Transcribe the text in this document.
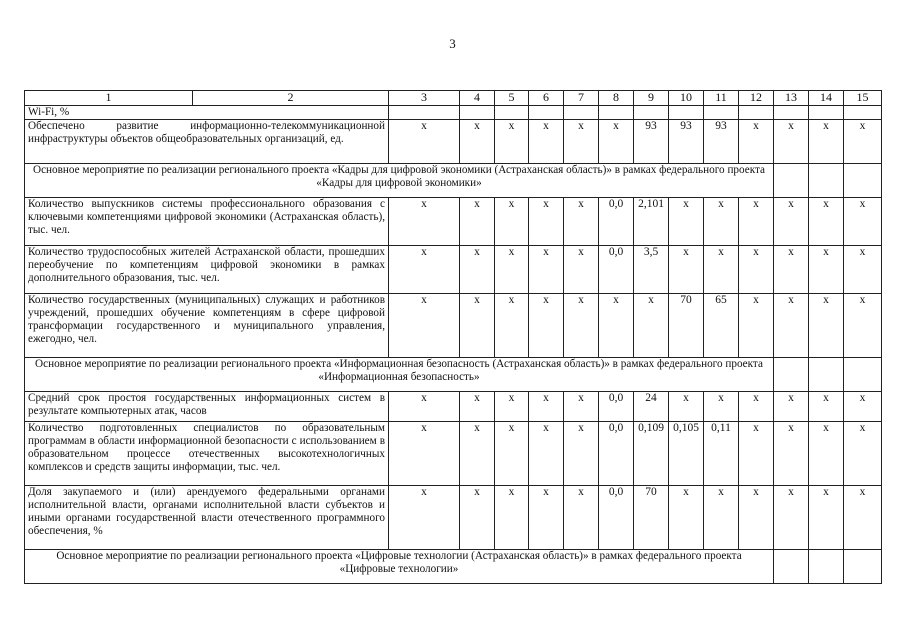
3
1	2	3	4	5	6	7	8	9	10	11	12	13	14	15
Wi-Fi, %														
Обеспечено развитие информационно-телекоммуникационной инфраструктуры объектов общеобразовательных организаций, ед.		х	х	х	х	х	х	93	93	93	х	х	х	х
Основное мероприятие по реализации регионального проекта «Кадры для цифровой экономики (Астраханская область)» в рамках федерального проекта «Кадры для цифровой экономики»														
Количество выпускников системы профессионального образования с ключевыми компетенциями цифровой экономики (Астраханская область), тыс. чел.		х	х	х	х	х	0,0	2,101	х	х	х	х	х	х
Количество трудоспособных жителей Астраханской области, прошедших переобучение по компетенциям цифровой экономики в рамках дополнительного образования, тыс. чел.		х	х	х	х	х	0,0	3,5	х	х	х	х	х	х
Количество государственных (муниципальных) служащих и работников учреждений, прошедших обучение компетенциям в сфере цифровой трансформации государственного и муниципального управления, ежегодно, чел.		х	х	х	х	х	х	х	70	65	х	х	х	х
Основное мероприятие по реализации регионального проекта «Информационная безопасность (Астраханская область)» в рамках федерального проекта «Информационная безопасность»														
Средний срок простоя государственных информационных систем в результате компьютерных атак, часов		х	х	х	х	х	0,0	24	х	х	х	х	х	х
Количество подготовленных специалистов по образовательным программам в области информационной безопасности с использованием в образовательном процессе отечественных высокотехнологичных комплексов и средств защиты информации, тыс. чел.		х	х	х	х	х	0,0	0,109	0,105	0,11	х	х	х	х
Доля закупаемого и (или) арендуемого федеральными органами исполнительной власти, органами исполнительной власти субъектов и иными органами государственной власти отечественного программного обеспечения, %		х	х	х	х	х	0,0	70	х	х	х	х	х	х
Основное мероприятие по реализации регионального проекта «Цифровые технологии (Астраханская область)» в рамках федерального проекта «Цифровые технологии»														
